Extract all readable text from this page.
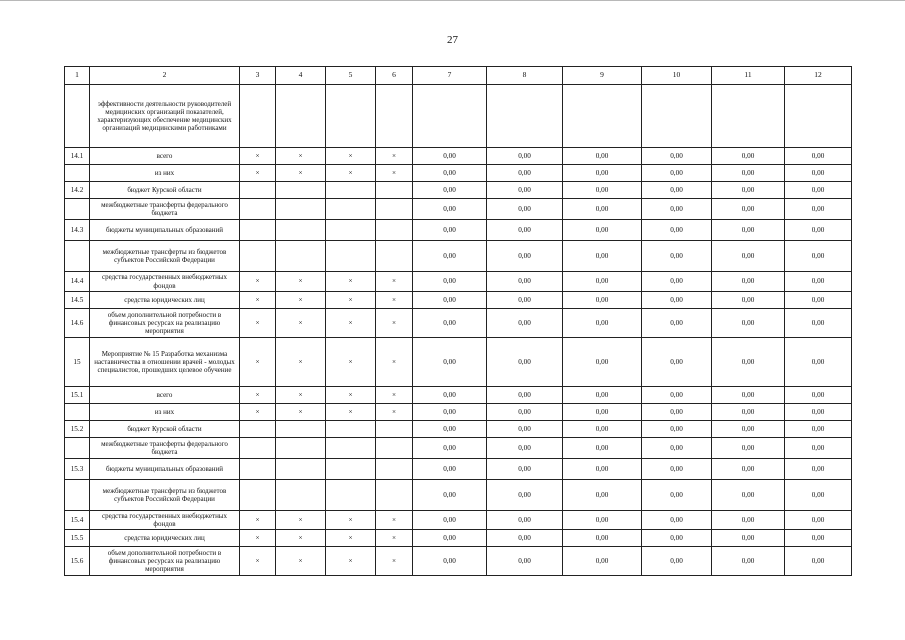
27
1	2	3	4	5	6	7	8	9	10	11	12
	эффективности деятельности руководителей медицинских организаций показателей, характеризующих обеспечение медицинских организаций медицинскими работниками										
14.1	всего	×	×	×	×	0,00	0,00	0,00	0,00	0,00	0,00
	из них	×	×	×	×	0,00	0,00	0,00	0,00	0,00	0,00
14.2	бюджет Курской области					0,00	0,00	0,00	0,00	0,00	0,00
	межбюджетные трансферты федерального бюджета					0,00	0,00	0,00	0,00	0,00	0,00
14.3	бюджеты муниципальных образований					0,00	0,00	0,00	0,00	0,00	0,00
	межбюджетные трансферты из бюджетов субъектов Российской Федерации					0,00	0,00	0,00	0,00	0,00	0,00
14.4	средства государственных внебюджетных фондов	×	×	×	×	0,00	0,00	0,00	0,00	0,00	0,00
14.5	средства юридических лиц	×	×	×	×	0,00	0,00	0,00	0,00	0,00	0,00
14.6	объем дополнительной потребности в финансовых ресурсах на реализацию мероприятия	×	×	×	×	0,00	0,00	0,00	0,00	0,00	0,00
15	Мероприятие № 15 Разработка механизма наставничества в отношении врачей - молодых специалистов, прошедших целевое обучение	×	×	×	×	0,00	0,00	0,00	0,00	0,00	0,00
15.1	всего	×	×	×	×	0,00	0,00	0,00	0,00	0,00	0,00
	из них	×	×	×	×	0,00	0,00	0,00	0,00	0,00	0,00
15.2	бюджет Курской области					0,00	0,00	0,00	0,00	0,00	0,00
	межбюджетные трансферты федерального бюджета					0,00	0,00	0,00	0,00	0,00	0,00
15.3	бюджеты муниципальных образований					0,00	0,00	0,00	0,00	0,00	0,00
	межбюджетные трансферты из бюджетов субъектов Российской Федерации					0,00	0,00	0,00	0,00	0,00	0,00
15.4	средства государственных внебюджетных фондов	×	×	×	×	0,00	0,00	0,00	0,00	0,00	0,00
15.5	средства юридических лиц	×	×	×	×	0,00	0,00	0,00	0,00	0,00	0,00
15.6	объем дополнительной потребности в финансовых ресурсах на реализацию мероприятия	×	×	×	×	0,00	0,00	0,00	0,00	0,00	0,00
